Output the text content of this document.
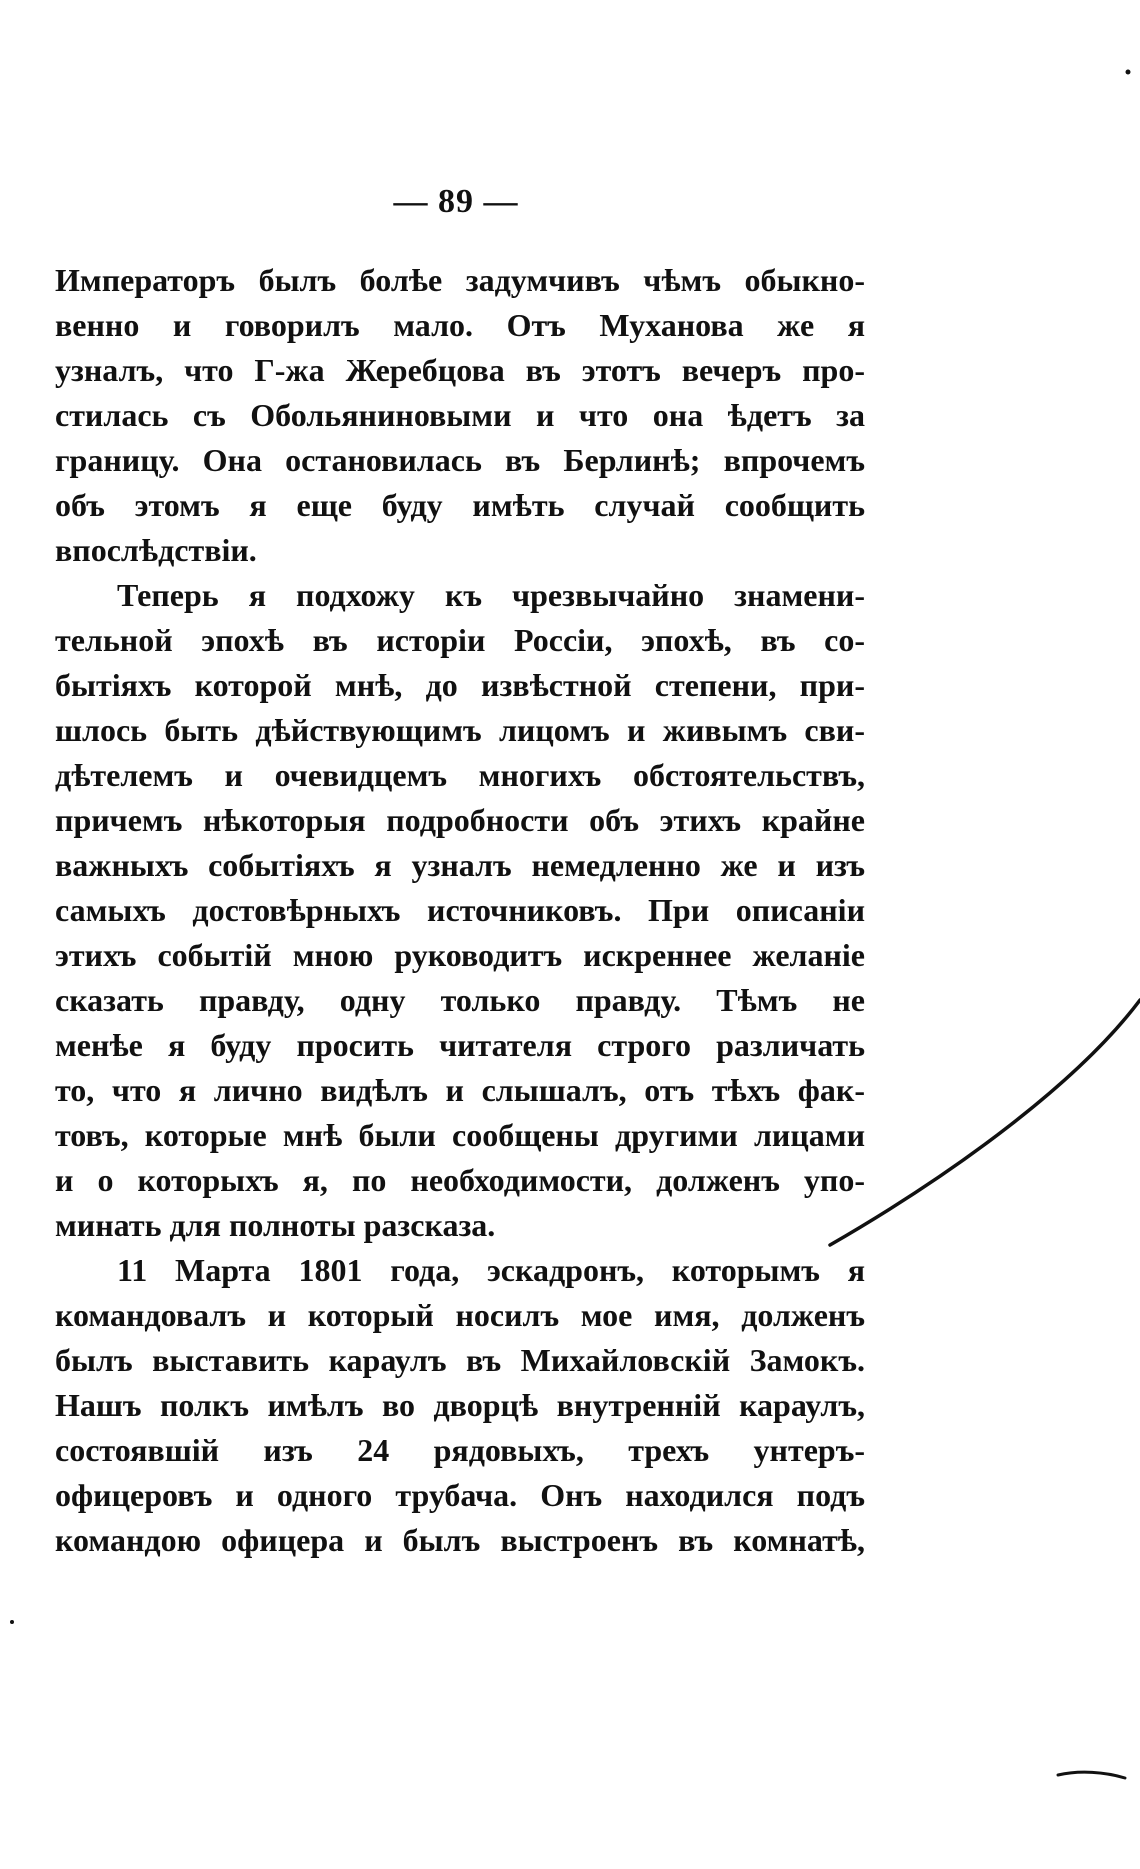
— 89 —
Императоръ былъ болѣе задумчивъ чѣмъ обыкно-
венно и говорилъ мало. Отъ Муханова же я
узналъ, что Г-жа Жеребцова въ этотъ вечеръ про-
стилась съ Обольяниновыми и что она ѣдетъ за
границу. Она остановилась въ Берлинѣ; впрочемъ
объ этомъ я еще буду имѣть случай сообщить
впослѣдствіи.
Теперь я подхожу къ чрезвычайно знамени-
тельной эпохѣ въ исторіи Россіи, эпохѣ, въ со-
бытіяхъ которой мнѣ, до извѣстной степени, при-
шлось быть дѣйствующимъ лицомъ и живымъ сви-
дѣтелемъ и очевидцемъ многихъ обстоятельствъ,
причемъ нѣкоторыя подробности объ этихъ крайне
важныхъ событіяхъ я узналъ немедленно же и изъ
самыхъ достовѣрныхъ источниковъ. При описаніи
этихъ событій мною руководитъ искреннее желаніе
сказать правду, одну только правду. Тѣмъ не
менѣе я буду просить читателя строго различать
то, что я лично видѣлъ и слышалъ, отъ тѣхъ фак-
товъ, которые мнѣ были сообщены другими лицами
и о которыхъ я, по необходимости, долженъ упо-
минать для полноты разсказа.
11 Марта 1801 года, эскадронъ, которымъ я
командовалъ и который носилъ мое имя, долженъ
былъ выставить караулъ въ Михайловскій Замокъ.
Нашъ полкъ имѣлъ во дворцѣ внутренній караулъ,
состоявшій изъ 24 рядовыхъ, трехъ унтеръ-
офицеровъ и одного трубача. Онъ находился подъ
командою офицера и былъ выстроенъ въ комнатѣ,
